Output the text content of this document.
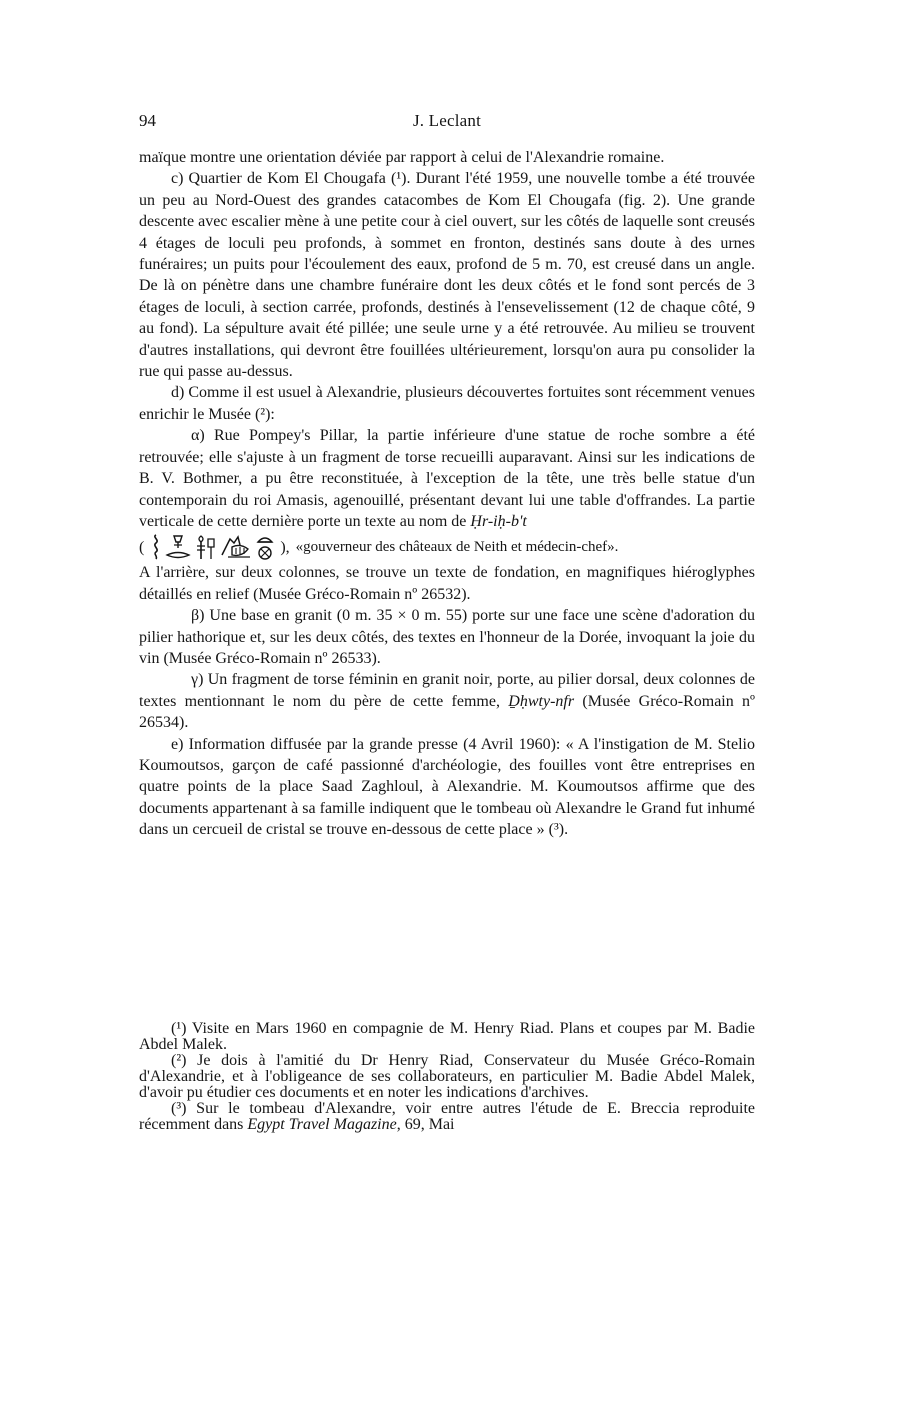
94	J. Leclant

maïque montre une orientation déviée par rapport à celui de l'Alexandrie romaine.

c) Quartier de Kom El Chougafa (¹). Durant l'été 1959, une nouvelle tombe a été trouvée un peu au Nord-Ouest des grandes catacombes de Kom El Chougafa (fig. 2). Une grande descente avec escalier mène à une petite cour à ciel ouvert, sur les côtés de laquelle sont creusés 4 étages de loculi peu profonds, à sommet en fronton, destinés sans doute à des urnes funéraires; un puits pour l'écoulement des eaux, profond de 5 m. 70, est creusé dans un angle. De là on pénètre dans une chambre funéraire dont les deux côtés et le fond sont percés de 3 étages de loculi, à section carrée, profonds, destinés à l'ensevelissement (12 de chaque côté, 9 au fond). La sépulture avait été pillée; une seule urne y a été retrouvée. Au milieu se trouvent d'autres installations, qui devront être fouillées ultérieurement, lorsqu'on aura pu consolider la rue qui passe au-dessus.

d) Comme il est usuel à Alexandrie, plusieurs découvertes fortuites sont récemment venues enrichir le Musée (²):

α) Rue Pompey's Pillar, la partie inférieure d'une statue de roche sombre a été retrouvée; elle s'ajuste à un fragment de torse recueilli auparavant. Ainsi sur les indications de B. V. Bothmer, a pu être reconstituée, à l'exception de la tête, une très belle statue d'un contemporain du roi Amasis, agenouillé, présentant devant lui une table d'offrandes. La partie verticale de cette dernière porte un texte au nom de Ḥr-iḥ-b't

(	), «gouverneur des châteaux de Neith et médecin-chef».

A l'arrière, sur deux colonnes, se trouve un texte de fondation, en magnifiques hiéroglyphes détaillés en relief (Musée Gréco-Romain nº 26532).

β) Une base en granit (0 m. 35 × 0 m. 55) porte sur une face une scène d'adoration du pilier hathorique et, sur les deux côtés, des textes en l'honneur de la Dorée, invoquant la joie du vin (Musée Gréco-Romain nº 26533).

γ) Un fragment de torse féminin en granit noir, porte, au pilier dorsal, deux colonnes de textes mentionnant le nom du père de cette femme, Ḏḥwty-nfr (Musée Gréco-Romain nº 26534).

e) Information diffusée par la grande presse (4 Avril 1960): « A l'instigation de M. Stelio Koumoutsos, garçon de café passionné d'archéologie, des fouilles vont être entreprises en quatre points de la place Saad Zaghloul, à Alexandrie. M. Koumoutsos affirme que des documents appartenant à sa famille indiquent que le tombeau où Alexandre le Grand fut inhumé dans un cercueil de cristal se trouve en-dessous de cette place » (³).

(¹) Visite en Mars 1960 en compagnie de M. Henry Riad. Plans et coupes par M. Badie Abdel Malek.

(²) Je dois à l'amitié du Dr Henry Riad, Conservateur du Musée Gréco-Romain d'Alexandrie, et à l'obligeance de ses collaborateurs, en particulier M. Badie Abdel Malek, d'avoir pu étudier ces documents et en noter les indications d'archives.

(³) Sur le tombeau d'Alexandre, voir entre autres l'étude de E. Breccia reproduite récemment dans Egypt Travel Magazine, 69, Mai
